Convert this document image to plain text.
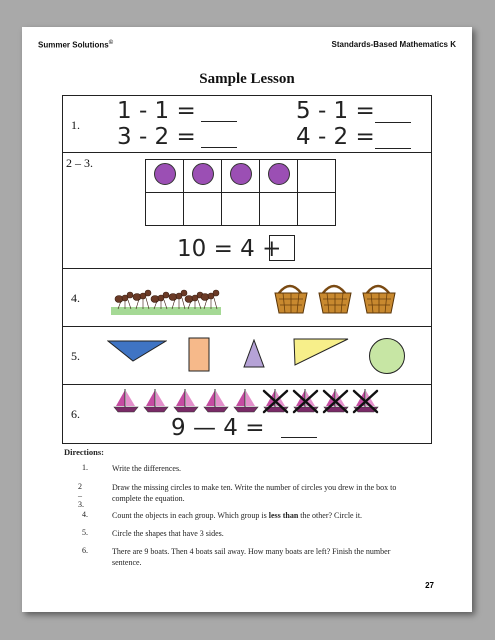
Summer Solutions©	Standards-Based Mathematics K
Sample Lesson
1.
1 - 1 =	5 - 1 =
3 - 2 =	4 - 2 =
2 – 3.

10 = 4 +
4.
5.
6.
9 — 4 =
Directions:
1.	Write the differences.
2 – 3.
Draw the missing circles to make ten. Write the number of circles you drew in the box to complete the equation.
4.	Count the objects in each group. Which group is less than the other? Circle it.
5.	Circle the shapes that have 3 sides.
6.	There are 9 boats. Then 4 boats sail away. How many boats are left? Finish the number sentence.
27
